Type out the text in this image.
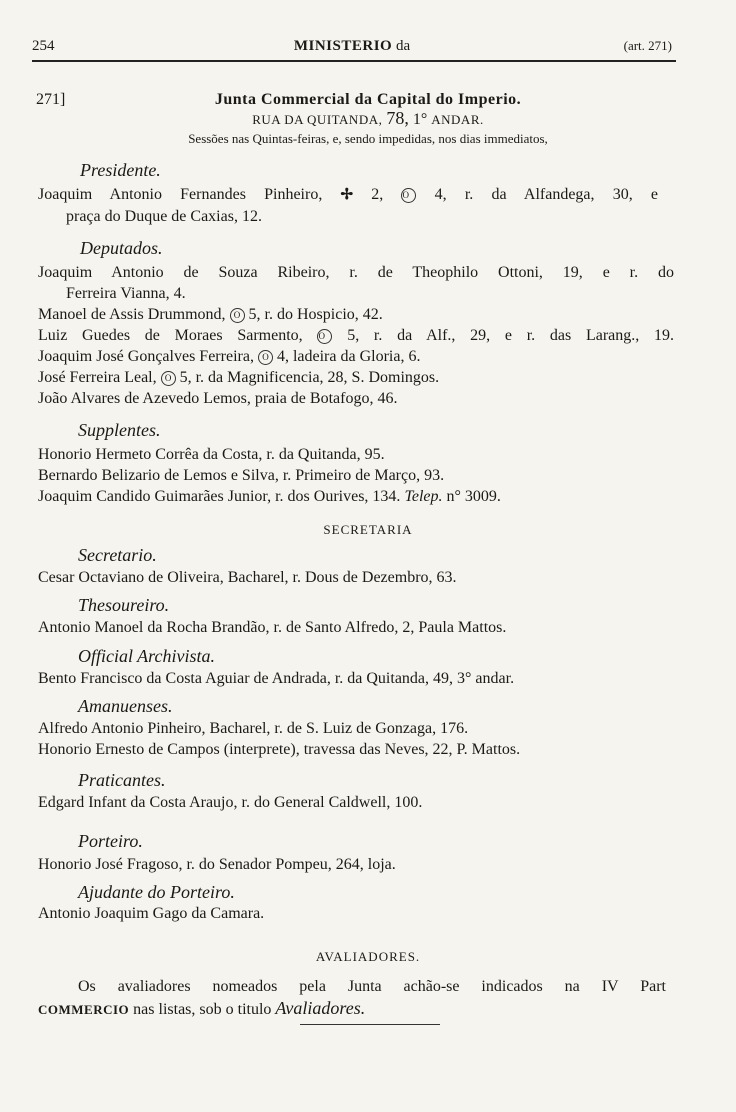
254	MINISTERIO da	(art. 271)
271]	Junta Commercial da Capital do Imperio.
RUA DA QUITANDA, 78, 1° ANDAR.
Sessões nas Quintas-feiras, e, sendo impedidas, nos dias immediatos,
Presidente.
Joaquim Antonio Fernandes Pinheiro, ✢ 2, O 4, r. da Alfandega, 30, e
praça do Duque de Caxias, 12.
Deputados.
Joaquim Antonio de Souza Ribeiro, r. de Theophilo Ottoni, 19, e r. do
Ferreira Vianna, 4.
Manoel de Assis Drummond, O 5, r. do Hospicio, 42.
Luiz Guedes de Moraes Sarmento, O 5, r. da Alf., 29, e r. das Larang., 19.
Joaquim José Gonçalves Ferreira, O 4, ladeira da Gloria, 6.
José Ferreira Leal, O 5, r. da Magnificencia, 28, S. Domingos.
João Alvares de Azevedo Lemos, praia de Botafogo, 46.
Supplentes.
Honorio Hermeto Corrêa da Costa, r. da Quitanda, 95.
Bernardo Belizario de Lemos e Silva, r. Primeiro de Março, 93.
Joaquim Candido Guimarães Junior, r. dos Ourives, 134. Telep. n° 3009.
SECRETARIA
Secretario.
Cesar Octaviano de Oliveira, Bacharel, r. Dous de Dezembro, 63.
Thesoureiro.
Antonio Manoel da Rocha Brandão, r. de Santo Alfredo, 2, Paula Mattos.
Official Archivista.
Bento Francisco da Costa Aguiar de Andrada, r. da Quitanda, 49, 3° andar.
Amanuenses.
Alfredo Antonio Pinheiro, Bacharel, r. de S. Luiz de Gonzaga, 176.
Honorio Ernesto de Campos (interprete), travessa das Neves, 22, P. Mattos.
Praticantes.
Edgard Infant da Costa Araujo, r. do General Caldwell, 100.
Porteiro.
Honorio José Fragoso, r. do Senador Pompeu, 264, loja.
Ajudante do Porteiro.
Antonio Joaquim Gago da Camara.
AVALIADORES.
Os avaliadores nomeados pela Junta achão-se indicados na IV Part
COMMERCIO nas listas, sob o titulo Avaliadores.
